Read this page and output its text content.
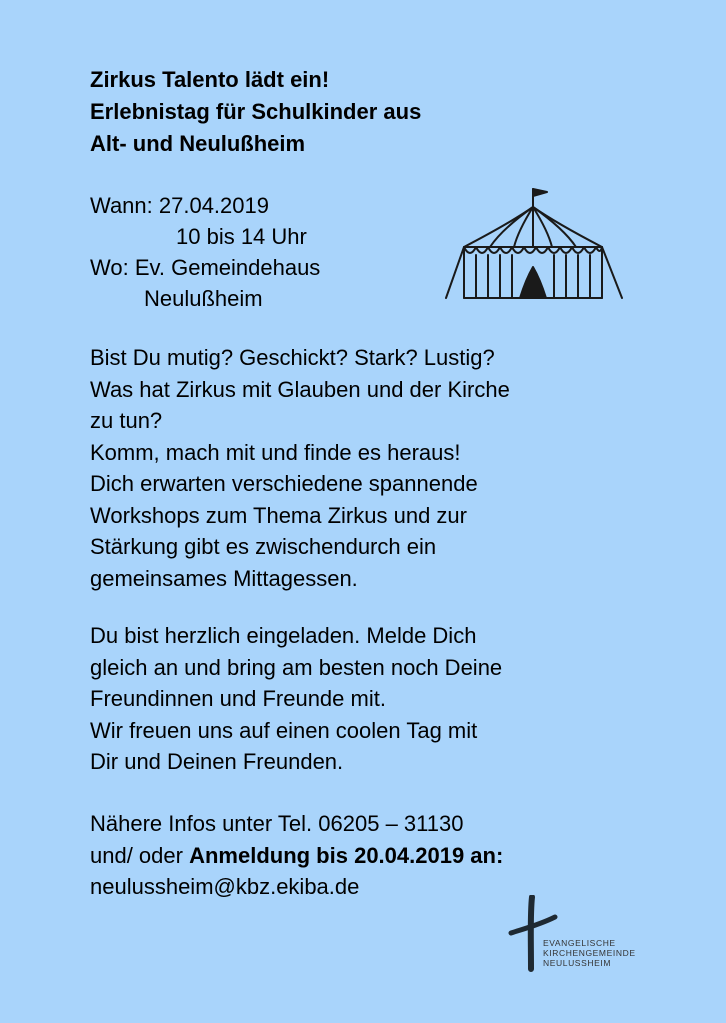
Zirkus Talento lädt ein!
Erlebnistag für Schulkinder aus
Alt- und Neulußheim
Wann: 27.04.2019
10 bis 14 Uhr
Wo: Ev. Gemeindehaus
Neulußheim
Bist Du mutig? Geschickt? Stark? Lustig?
Was hat Zirkus mit Glauben und der Kirche
zu tun?
Komm, mach mit und finde es heraus!
Dich erwarten verschiedene spannende
Workshops zum Thema Zirkus und zur
Stärkung gibt es zwischendurch ein
gemeinsames Mittagessen.
Du bist herzlich eingeladen. Melde Dich
gleich an und bring am besten noch Deine
Freundinnen und Freunde mit.
Wir freuen uns auf einen coolen Tag mit
Dir und Deinen Freunden.
Nähere Infos unter Tel. 06205 – 31130
und/ oder Anmeldung bis 20.04.2019 an:
neulussheim@kbz.ekiba.de
EVANGELISCHE
KIRCHENGEMEINDE
NEULUSSHEIM
